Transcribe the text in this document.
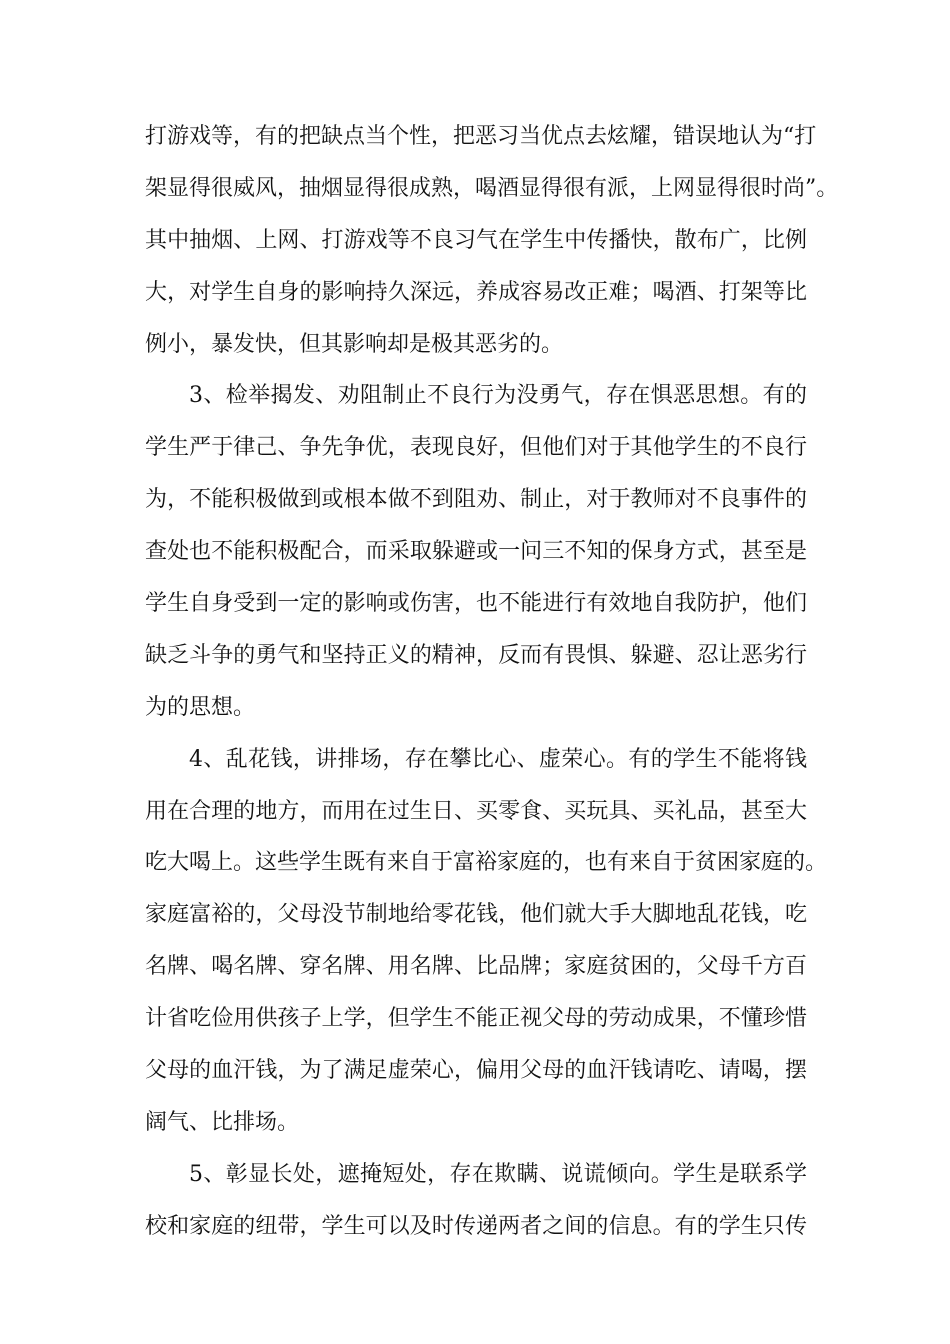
打游戏等，有的把缺点当个性，把恶习当优点去炫耀，错误地认为“打
架显得很威风，抽烟显得很成熟，喝酒显得很有派，上网显得很时尚”。
其中抽烟、上网、打游戏等不良习气在学生中传播快，散布广，比例
大，对学生自身的影响持久深远，养成容易改正难；喝酒、打架等比
例小，暴发快，但其影响却是极其恶劣的。
3、检举揭发、劝阻制止不良行为没勇气，存在惧恶思想。有的
学生严于律己、争先争优，表现良好，但他们对于其他学生的不良行
为，不能积极做到或根本做不到阻劝、制止，对于教师对不良事件的
查处也不能积极配合，而采取躲避或一问三不知的保身方式，甚至是
学生自身受到一定的影响或伤害，也不能进行有效地自我防护，他们
缺乏斗争的勇气和坚持正义的精神，反而有畏惧、躲避、忍让恶劣行
为的思想。
4、乱花钱，讲排场，存在攀比心、虚荣心。有的学生不能将钱
用在合理的地方，而用在过生日、买零食、买玩具、买礼品，甚至大
吃大喝上。这些学生既有来自于富裕家庭的，也有来自于贫困家庭的。
家庭富裕的，父母没节制地给零花钱，他们就大手大脚地乱花钱，吃
名牌、喝名牌、穿名牌、用名牌、比品牌；家庭贫困的，父母千方百
计省吃俭用供孩子上学，但学生不能正视父母的劳动成果，不懂珍惜
父母的血汗钱，为了满足虚荣心，偏用父母的血汗钱请吃、请喝，摆
阔气、比排场。
5、彰显长处，遮掩短处，存在欺瞒、说谎倾向。学生是联系学
校和家庭的纽带，学生可以及时传递两者之间的信息。有的学生只传
